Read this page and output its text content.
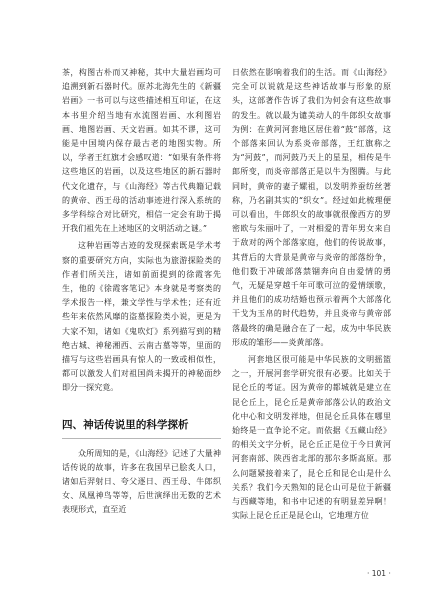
茶，构图古朴而又神秘，其中大量岩画均可追溯到新石器时代。原苏北海先生的《新疆岩画》一书可以与这些描述相互印证，在这本书里介绍当地有水流图岩画、水利图岩画、地图岩画、天文岩画。如其不谬，这可能是中国境内保存最古老的地图实物。所以，学者王红旗才会感叹道：“如果有条件将这些地区的岩画，以及这些地区的新石器时代文化遗存，与《山海经》等古代典籍记载的黄帝、西王母的活动事迹进行深入系统的多学科综合对比研究，相信一定会有助于揭开我们祖先在上述地区的文明活动之谜。”

这种岩画等古迹的发现探索既是学术考察的重要研究方向，实际也为旅游探险类的作者们所关注，诸如前面提到的徐霞客先生，他的《徐霞客笔记》本身就是考察类的学术报告一样，兼文学性与学术性；还有近些年来依然风靡的盗墓探险类小说，更是为大家不知，诸如《鬼吹灯》系列描写到的精绝古城、神秘湘西、云南古墓等等，里面的描写与这些岩画具有惊人的一致或相似性，都可以激发人们对祖国尚未揭开的神秘面纱即分一探究竟。

四、神话传说里的科学探析

众所周知的是，《山海经》记述了大量神话传说的故事，许多在我国早已脍炙人口，诸如后羿射日、夸父逐日、西王母、牛郎织女、凤凰神鸟等等，后世演绎出无数的艺术表现形式，直至近

日依然在影响着我们的生活。而《山海经》完全可以说就是这些神话故事与形象的原头，这部著作告诉了我们为何会有这些故事的发生。就以最为谴美动人的牛郎织女故事为例：在黄河河套地区居住着“鼓”部落，这个部落来回认为系炎帝部落，王红旗称之为“河鼓”，而河鼓乃天上的星星，相传是牛郎所变，而炎帝部落正是以牛为图腾。与此同时，黄帝的妻子嫘祖，以发明养蚕纺丝著称，乃名副其实的“织女”。经过如此梳理便可以看出，牛郎织女的故事就很像西方的罗密欧与朱丽叶了，一对相爱的青年男女来自于敌对的两个部落家庭，他们的传说故事，其背后的大背景是黄帝与炎帝的部落纷争，他们数于冲破部落禁锢奔向自由爱情的勇气，无疑是穿越千年可歌可泣的爱情颂歌，并且他们的成功结婚也预示着两个大部落化干戈为玉帛的时代趋势，并且炎帝与黄帝部落最终的确是融合在了一起，成为中华民族形成的雏形——炎黄部落。

河套地区很可能是中华民族的文明摇篮之一，开展河套学研究很有必要。比如关于昆仑丘的考证。因为黄帝的都城就是建立在昆仑丘上，昆仑丘是黄帝部落公认的政治文化中心和文明发祥地，但昆仑丘具体在哪里始终是一直争论不定。而依据《五藏山经》的相关文字分析，昆仑丘正是位于今日黄河河套南部、陕西省北部的那尔多斯高原。那么问题紧接着来了，昆仑丘和昆仑山是什么关系？我们今天熟知的昆仑山可是位于新疆与西藏等地，和书中记述的有明显差异啊！实际上昆仑丘正是昆仑山，它地理方位

· 101 ·
